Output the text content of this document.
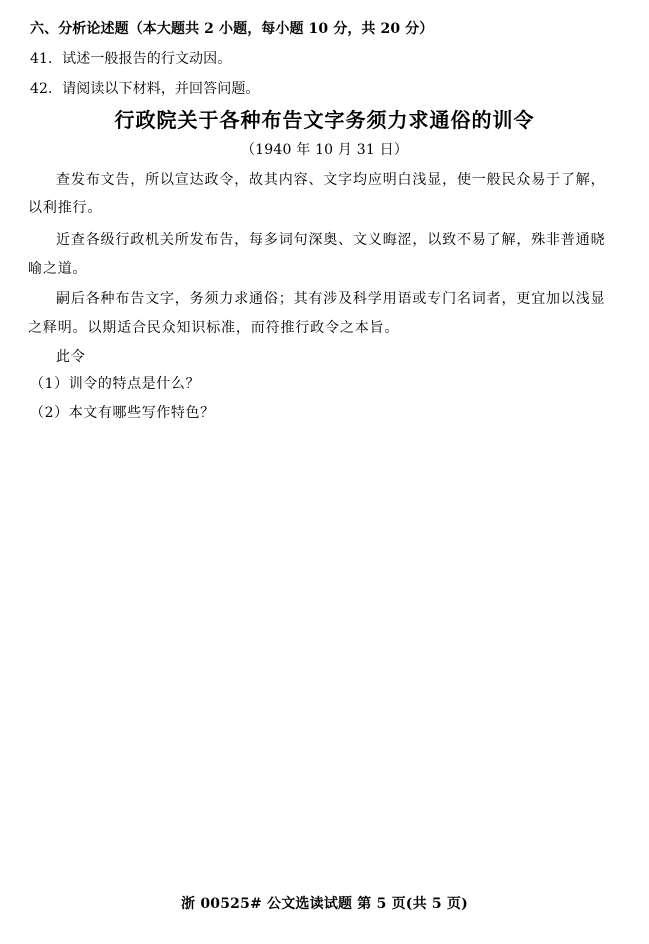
六、分析论述题（本大题共 2 小题，每小题 10 分，共 20 分）
41．试述一般报告的行文动因。
42．请阅读以下材料，并回答问题。
行政院关于各种布告文字务须力求通俗的训令
（1940 年 10 月 31 日）
查发布文告，所以宣达政令，故其内容、文字均应明白浅显，使一般民众易于了解，
以利推行。
近查各级行政机关所发布告，每多词句深奥、文义晦涩，以致不易了解，殊非普通晓
喻之道。
嗣后各种布告文字，务须力求通俗；其有涉及科学用语或专门名词者，更宜加以浅显
之释明。以期适合民众知识标准，而符推行政令之本旨。
此令
（1）训令的特点是什么？
（2）本文有哪些写作特色？
浙 00525# 公文选读试题 第 5 页(共 5 页)
